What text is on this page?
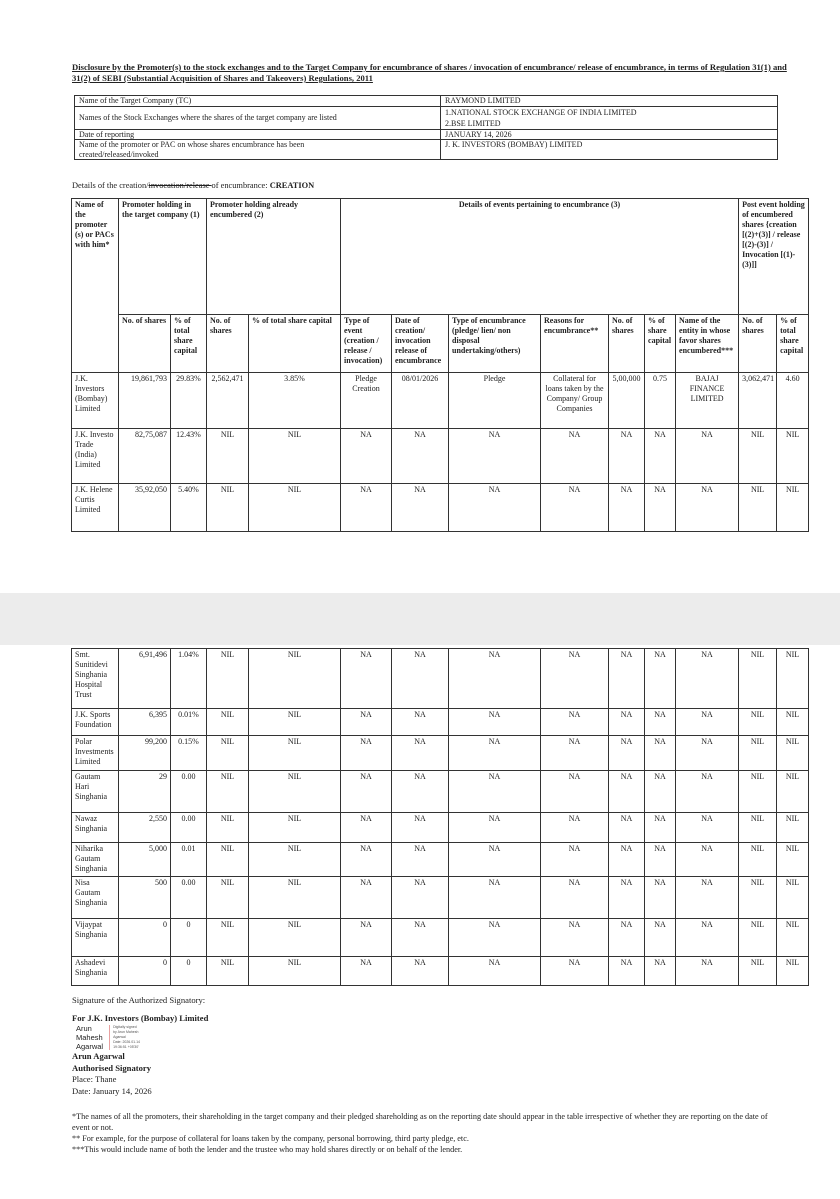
Disclosure by the Promoter(s) to the stock exchanges and to the Target Company for encumbrance of shares / invocation of encumbrance/ release of encumbrance, in terms of Regulation 31(1) and 31(2) of SEBI (Substantial Acquisition of Shares and Takeovers) Regulations, 2011
Name of the Target Company (TC)	RAYMOND LIMITED
Names of the Stock Exchanges where the shares of the target company are listed	1.NATIONAL STOCK EXCHANGE OF INDIA LIMITED
2.BSE LIMITED

Date of reporting	JANUARY 14, 2026

Name of the promoter or PAC on whose shares encumbrance has been created/released/invoked	J. K. INVESTORS (BOMBAY) LIMITED
Details of the creation/invocation/release of encumbrance: CREATION
Name of the promoter (s) or PACs with him*	Promoter holding in the target company (1)		Promoter holding already encumbered (2)		Details of events pertaining to encumbrance (3)							Post event holding of encumbered shares {creation [(2)+(3)] / release [(2)-(3)] / Invocation [(1)-(3)]]	
	No. of shares	% of total share capital	No. of shares	% of total share capital	Type of event (creation / release / invocation)	Date of creation/ invocation release of encumbrance	Type of encumbrance (pledge/ lien/ non disposal undertaking/others)	Reasons for encumbrance**	No. of shares	% of share capital	Name of the entity in whose favor shares encumbered***	No. of shares	% of total share capital
J.K. Investors (Bombay) Limited	19,861,793	29.83%	2,562,471	3.85%	Pledge Creation	08/01/2026	Pledge	Collateral for loans taken by the Company/ Group Companies	5,00,000	0.75	BAJAJ FINANCE LIMITED	3,062,471	4.60
J.K. Investo Trade (India) Limited	82,75,087	12.43%	NIL	NIL	NA	NA	NA	NA	NA	NA	NA	NIL	NIL
J.K. Helene Curtis Limited	35,92,050	5.40%	NIL	NIL	NA	NA	NA	NA	NA	NA	NA	NIL	NIL
Smt. Sunitidevi Singhania Hospital Trust	6,91,496	1.04%	NIL	NIL	NA	NA	NA	NA	NA	NA	NA	NIL	NIL
J.K. Sports Foundation	6,395	0.01%	NIL	NIL	NA	NA	NA	NA	NA	NA	NA	NIL	NIL
Polar Investments Limited	99,200	0.15%	NIL	NIL	NA	NA	NA	NA	NA	NA	NA	NIL	NIL
Gautam Hari Singhania	29	0.00	NIL	NIL	NA	NA	NA	NA	NA	NA	NA	NIL	NIL
Nawaz Singhania	2,550	0.00	NIL	NIL	NA	NA	NA	NA	NA	NA	NA	NIL	NIL
Niharika Gautam Singhania	5,000	0.01	NIL	NIL	NA	NA	NA	NA	NA	NA	NA	NIL	NIL
Nisa Gautam Singhania	500	0.00	NIL	NIL	NA	NA	NA	NA	NA	NA	NA	NIL	NIL
Vijaypat Singhania	0	0	NIL	NIL	NA	NA	NA	NA	NA	NA	NA	NIL	NIL
Ashadevi Singhania	0	0	NIL	NIL	NA	NA	NA	NA	NA	NA	NA	NIL	NIL
Signature of the Authorized Signatory:
For J.K. Investors (Bombay) Limited
Arun
Mahesh
Agarwal
Digitally signed
by Arun Mahesh
Agarwal
Date: 2026.01.14
19:36:51 +05'30'
Arun Agarwal
Authorised Signatory
Place: Thane
Date: January 14, 2026
*The names of all the promoters, their shareholding in the target company and their pledged shareholding as on the reporting date should appear in the table irrespective of whether they are reporting on the date of event or not.
** For example, for the purpose of collateral for loans taken by the company, personal borrowing, third party pledge, etc.
***This would include name of both the lender and the trustee who may hold shares directly or on behalf of the lender.
